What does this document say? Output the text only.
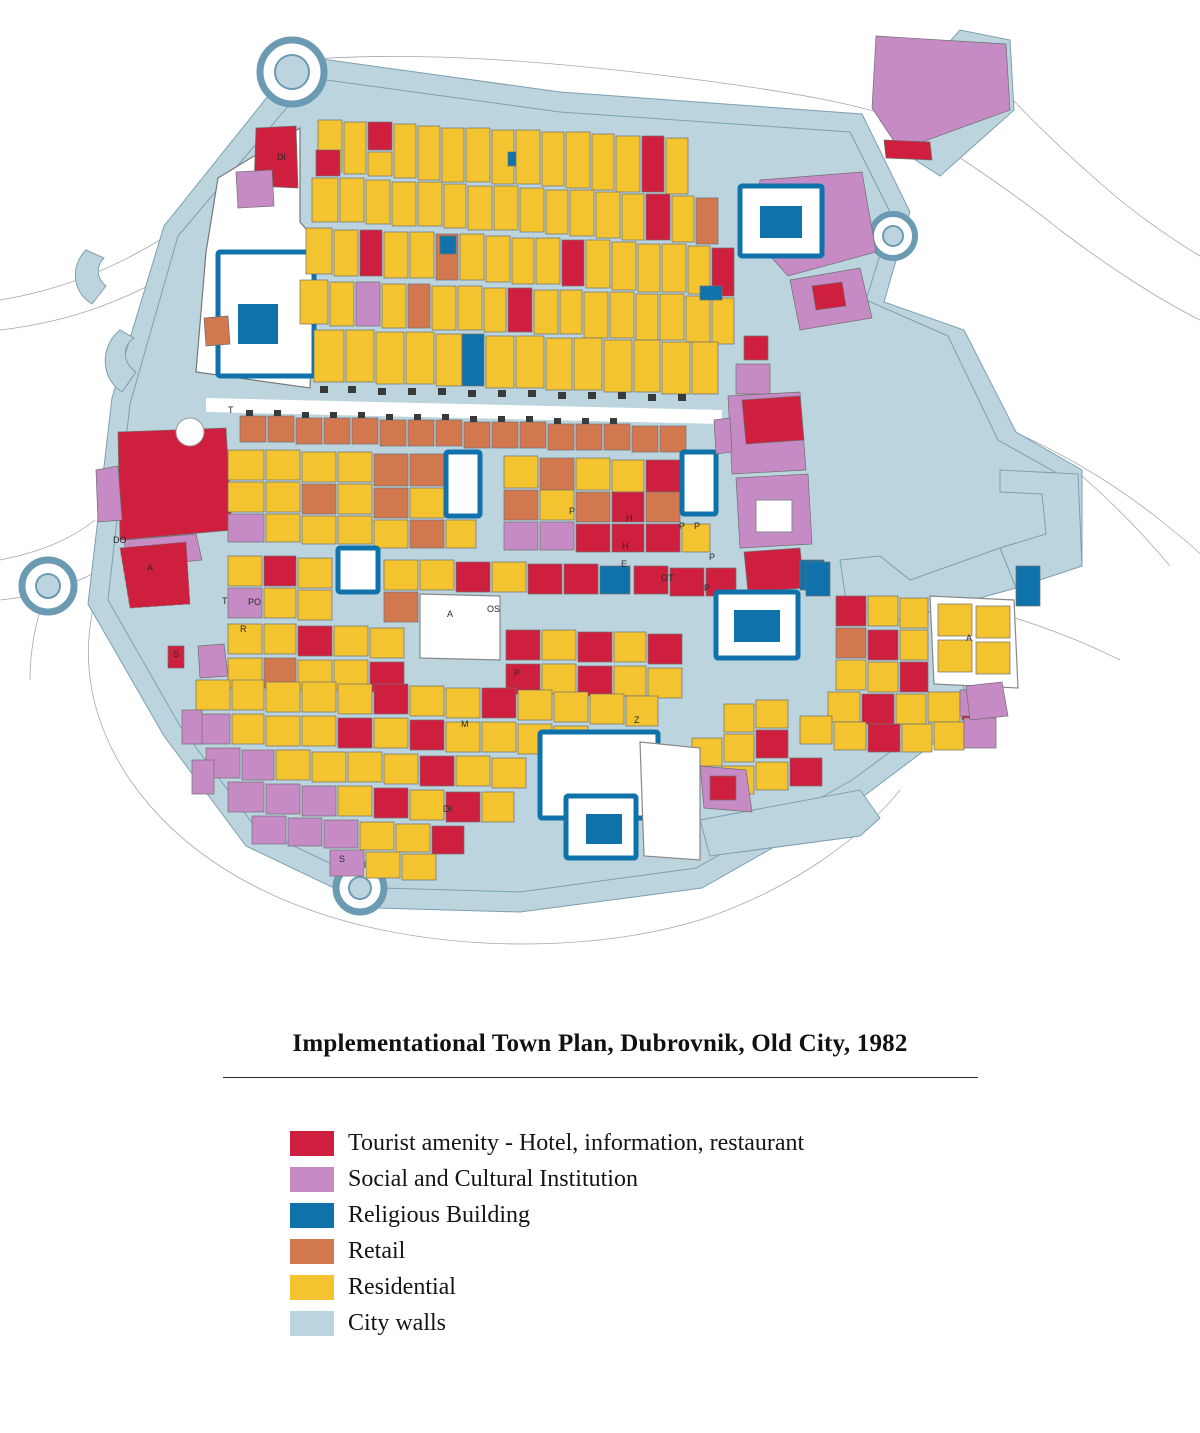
DI
T
DO
A
PO
T
R
S
A	OS
M
DI
S
P
H
P P
H
P
E
OT
P
P
Z
A
Implementational Town Plan, Dubrovnik, Old City, 1982
Tourist amenity - Hotel, information, restaurant
Social and Cultural Institution
Religious Building
Retail
Residential
City walls
